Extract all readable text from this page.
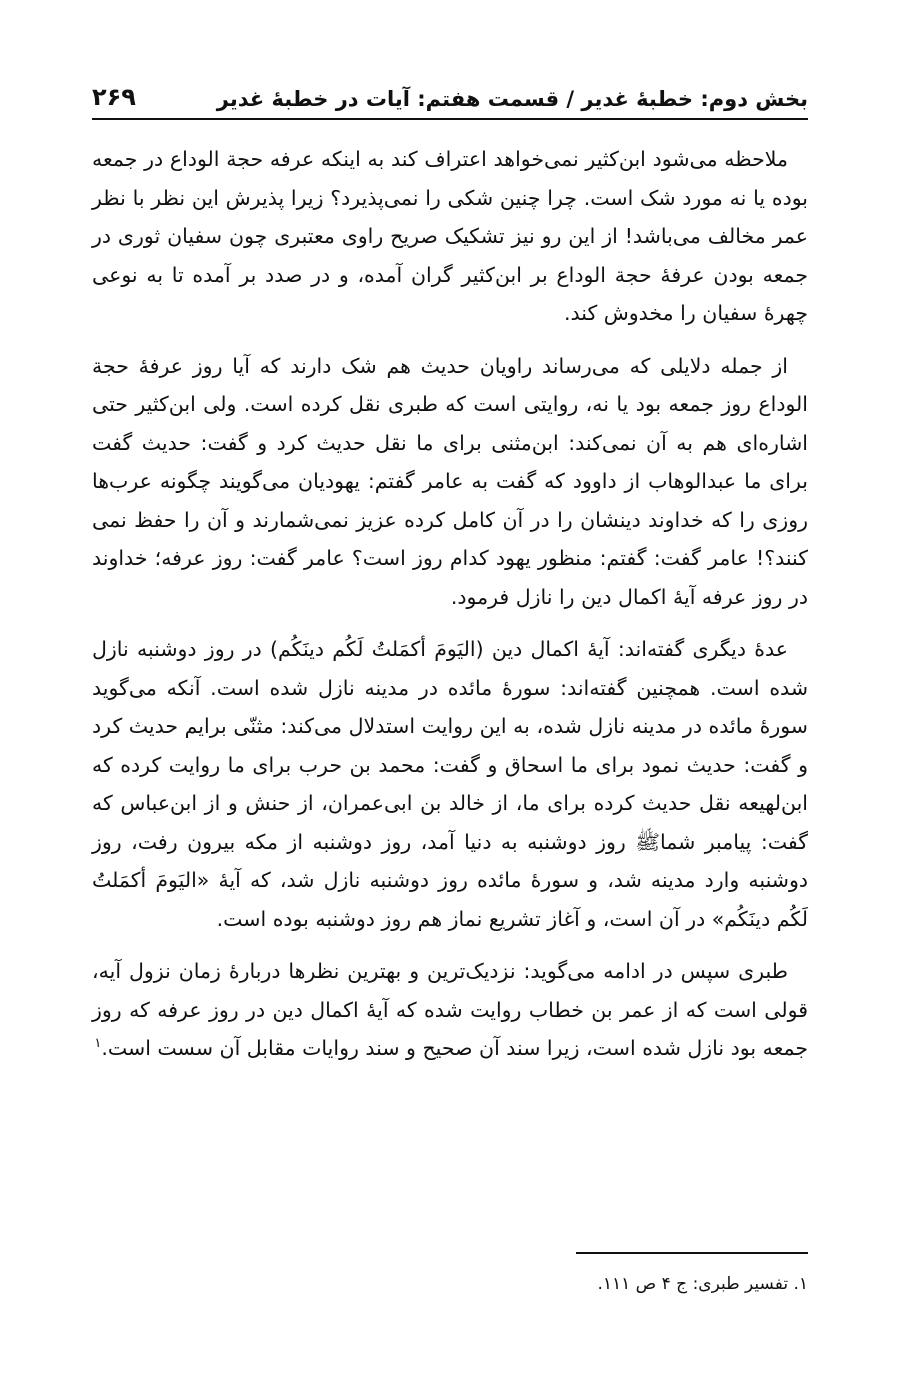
بخش دوم: خطبهٔ غدیر / قسمت هفتم: آیات در خطبهٔ غدیر
۲۶۹

ملاحظه می‌شود ابن‌کثیر نمی‌خواهد اعتراف کند به اینکه عرفه حجة الوداع در جمعه بوده یا نه مورد شک است. چرا چنین شکی را نمی‌پذیرد؟ زیرا پذیرش این نظر با نظر عمر مخالف می‌باشد! از این رو نیز تشکیک صریح راوی معتبری چون سفیان ثوری در جمعه بودن عرفهٔ حجة الوداع بر ابن‌کثیر گران آمده، و در صدد بر آمده تا به نوعی چهرهٔ سفیان را مخدوش کند.

از جمله دلایلی که می‌رساند راویان حدیث هم شک دارند که آیا روز عرفهٔ حجة الوداع روز جمعه بود یا نه، روایتی است که طبری نقل کرده است. ولی ابن‌کثیر حتی اشاره‌ای هم به آن نمی‌کند: ابن‌مثنی برای ما نقل حدیث کرد و گفت: حدیث گفت برای ما عبدالوهاب از داوود که گفت به عامر گفتم: یهودیان می‌گویند چگونه عرب‌ها روزی را که خداوند دینشان را در آن کامل کرده عزیز نمی‌شمارند و آن را حفظ نمی کنند؟! عامر گفت: گفتم: منظور یهود کدام روز است؟ عامر گفت: روز عرفه؛ خداوند در روز عرفه آیهٔ اکمال دین را نازل فرمود.

عدهٔ دیگری گفته‌اند: آیهٔ اکمال دین (اليَومَ أكمَلتُ لَكُم دينَكُم) در روز دوشنبه نازل شده است. همچنین گفته‌اند: سورهٔ مائده در مدینه نازل شده است. آنکه می‌گوید سورهٔ مائده در مدینه نازل شده، به این روایت استدلال می‌کند: مثنّی برایم حدیث کرد و گفت: حدیث نمود برای ما اسحاق و گفت: محمد بن حرب برای ما روایت کرده که ابن‌لهیعه نقل حدیث کرده برای ما، از خالد بن ابی‌عمران، از حنش و از ابن‌عباس که گفت: پیامبر شماﷺ روز دوشنبه به دنیا آمد، روز دوشنبه از مکه بیرون رفت، روز دوشنبه وارد مدینه شد، و سورهٔ مائده روز دوشنبه نازل شد، که آیهٔ «اليَومَ أكمَلتُ لَكُم دينَكُم» در آن است، و آغاز تشریع نماز هم روز دوشنبه بوده است.

طبری سپس در ادامه می‌گوید: نزدیک‌ترین و بهترین نظرها دربارهٔ زمان نزول آیه، قولی است که از عمر بن خطاب روایت شده که آیهٔ اکمال دین در روز عرفه که روز جمعه بود نازل شده است، زیرا سند آن صحیح و سند روایات مقابل آن سست است.$^۱$

۱. تفسیر طبری: ج ۴ ص ۱۱۱.
